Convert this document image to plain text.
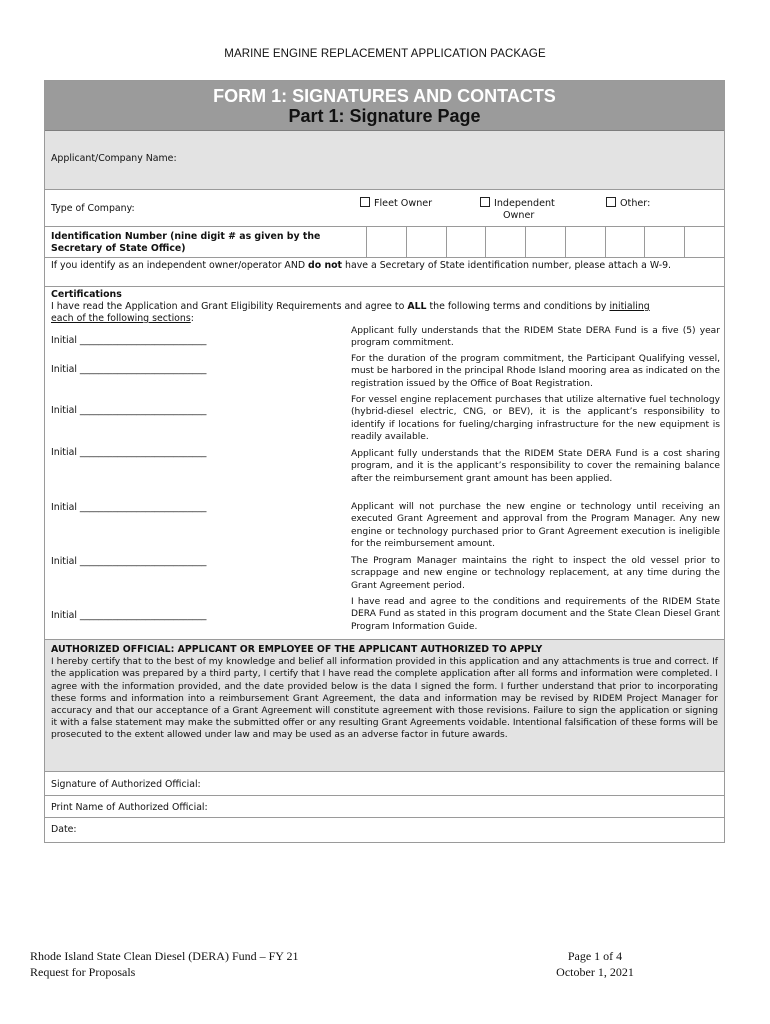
MARINE ENGINE REPLACEMENT APPLICATION PACKAGE
FORM 1: SIGNATURES AND CONTACTS
Part 1: Signature Page
Applicant/Company Name:
Type of Company:	Fleet Owner	Independent
Owner
Other:
Identification Number (nine digit # as given by the
Secretary of State Office)
If you identify as an independent owner/operator AND do not have a Secretary of State identification number, please attach a W-9.
Certifications
I have read the Application and Grant Eligibility Requirements and agree to ALL the following terms and conditions by initialing
each of the following sections:
Initial ___________________________
Applicant fully understands that the RIDEM State DERA Fund is a five (5) year program commitment.
Initial ___________________________
For the duration of the program commitment, the Participant Qualifying vessel, must be harbored in the principal Rhode Island mooring area as indicated on the registration issued by the Office of Boat Registration.
Initial ___________________________
For vessel engine replacement purchases that utilize alternative fuel technology (hybrid-diesel electric, CNG, or BEV), it is the applicant’s responsibility to identify if locations for fueling/charging infrastructure for the new equipment is readily available.
Initial ___________________________	Applicant fully understands that the RIDEM State DERA Fund is a cost sharing program, and it is the applicant’s responsibility to cover the remaining balance after the reimbursement grant amount has been applied.
Initial ___________________________	Applicant will not purchase the new engine or technology until receiving an executed Grant Agreement and approval from the Program Manager. Any new engine or technology purchased prior to Grant Agreement execution is ineligible for the reimbursement amount.
Initial ___________________________	The Program Manager maintains the right to inspect the old vessel prior to scrappage and new engine or technology replacement, at any time during the Grant Agreement period.
Initial ___________________________
I have read and agree to the conditions and requirements of the RIDEM State DERA Fund as stated in this program document and the State Clean Diesel Grant Program Information Guide.
AUTHORIZED OFFICIAL: APPLICANT OR EMPLOYEE OF THE APPLICANT AUTHORIZED TO APPLY
I hereby certify that to the best of my knowledge and belief all information provided in this application and any attachments is true and correct. If the application was prepared by a third party, I certify that I have read the complete application after all forms and information were completed. I agree with the information provided, and the date provided below is the data I signed the form. I further understand that prior to incorporating these forms and information into a reimbursement Grant Agreement, the data and information may be revised by RIDEM Project Manager for accuracy and that our acceptance of a Grant Agreement will constitute agreement with those revisions. Failure to sign the application or signing it with a false statement may make the submitted offer or any resulting Grant Agreements voidable. Intentional falsification of these forms will be prosecuted to the extent allowed under law and may be used as an adverse factor in future awards.
Signature of Authorized Official:
Print Name of Authorized Official:
Date:
Rhode Island State Clean Diesel (DERA) Fund – FY 21
Request for Proposals
Page 1 of 4
October 1, 2021
